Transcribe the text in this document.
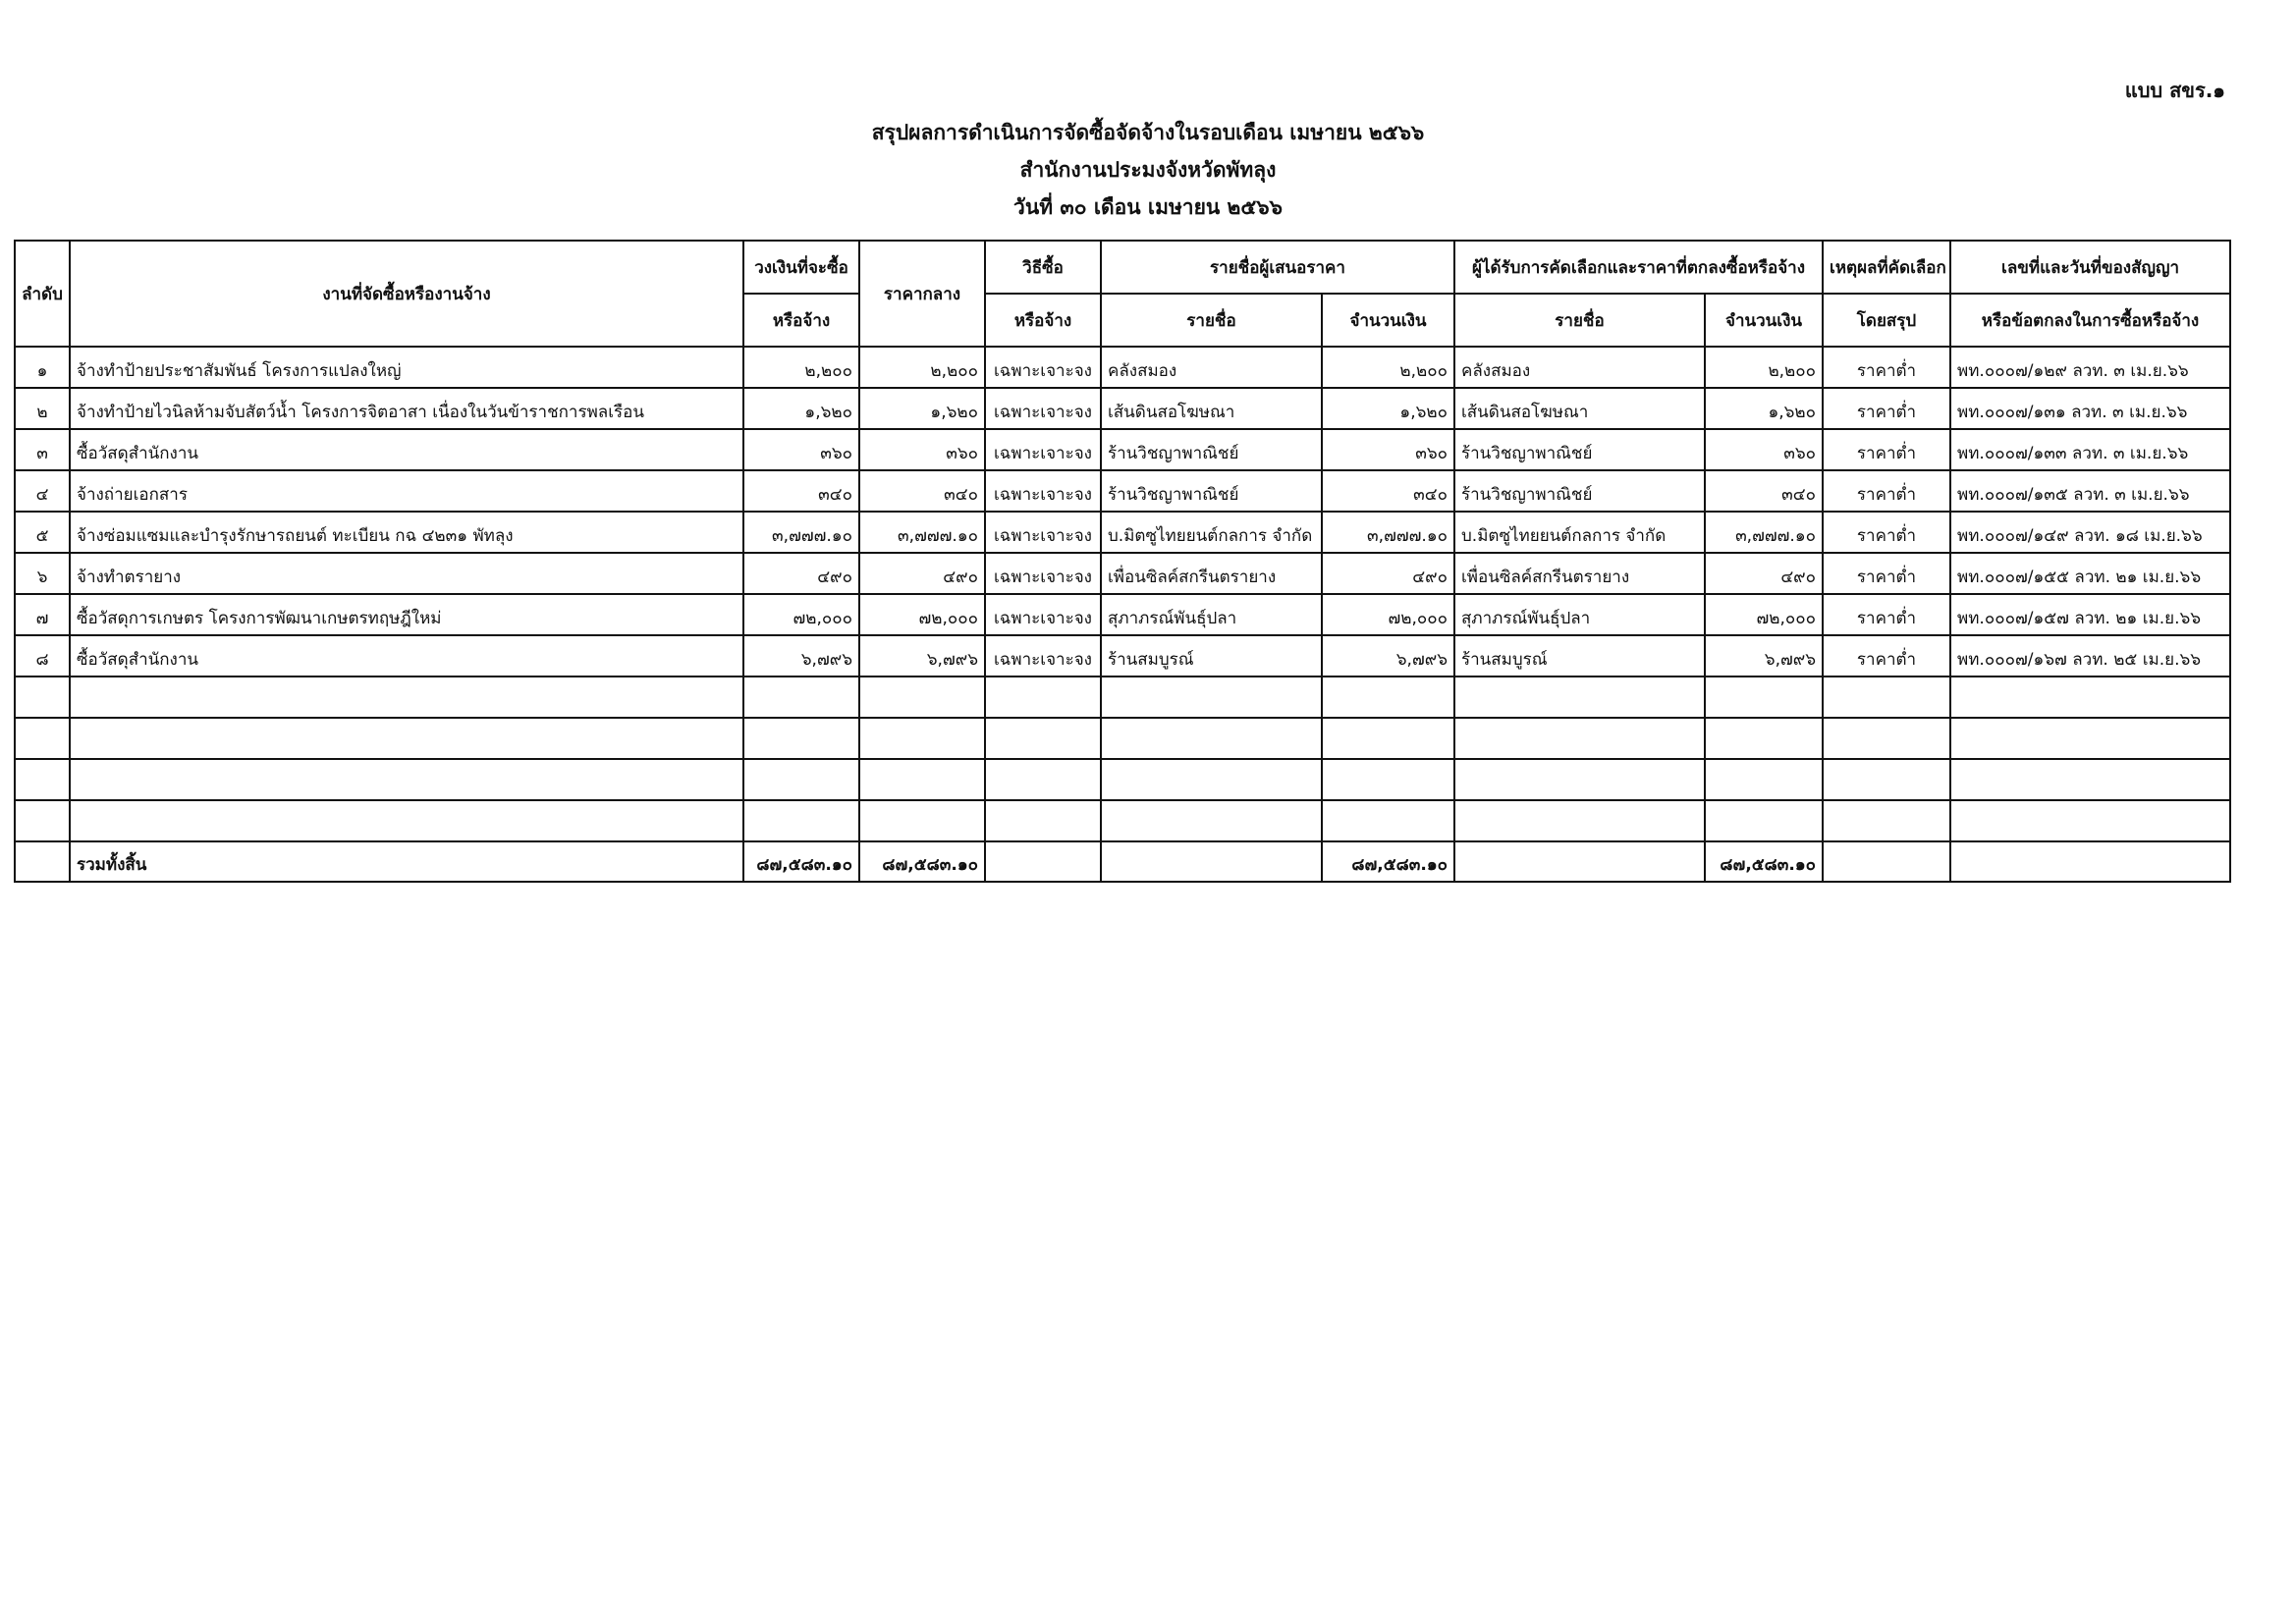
แบบ สขร.๑
สรุปผลการดำเนินการจัดซื้อจัดจ้างในรอบเดือน เมษายน ๒๕๖๖
สำนักงานประมงจังหวัดพัทลุง
วันที่ ๓๐ เดือน เมษายน ๒๕๖๖
ลำดับ	งานที่จัดซื้อหรืองานจ้าง	วงเงินที่จะซื้อ	ราคากลาง	วิธีซื้อ	รายชื่อผู้เสนอราคา		ผู้ได้รับการคัดเลือกและราคาที่ตกลงซื้อหรือจ้าง		เหตุผลที่คัดเลือก	เลขที่และวันที่ของสัญญา
		หรือจ้าง		หรือจ้าง	รายชื่อ	จำนวนเงิน	รายชื่อ	จำนวนเงิน	โดยสรุป	หรือข้อตกลงในการซื้อหรือจ้าง
๑	จ้างทำป้ายประชาสัมพันธ์ โครงการแปลงใหญ่	๒,๒๐๐	๒,๒๐๐	เฉพาะเจาะจง	คลังสมอง	๒,๒๐๐	คลังสมอง	๒,๒๐๐	ราคาต่ำ	พท.๐๐๐๗/๑๒๙ ลวท. ๓ เม.ย.๖๖
๒	จ้างทำป้ายไวนิลห้ามจับสัตว์น้ำ โครงการจิตอาสา เนื่องในวันข้าราชการพลเรือน	๑,๖๒๐	๑,๖๒๐	เฉพาะเจาะจง	เส้นดินสอโฆษณา	๑,๖๒๐	เส้นดินสอโฆษณา	๑,๖๒๐	ราคาต่ำ	พท.๐๐๐๗/๑๓๑ ลวท. ๓ เม.ย.๖๖
๓	ซื้อวัสดุสำนักงาน	๓๖๐	๓๖๐	เฉพาะเจาะจง	ร้านวิชญาพาณิชย์	๓๖๐	ร้านวิชญาพาณิชย์	๓๖๐	ราคาต่ำ	พท.๐๐๐๗/๑๓๓ ลวท. ๓ เม.ย.๖๖
๔	จ้างถ่ายเอกสาร	๓๔๐	๓๔๐	เฉพาะเจาะจง	ร้านวิชญาพาณิชย์	๓๔๐	ร้านวิชญาพาณิชย์	๓๔๐	ราคาต่ำ	พท.๐๐๐๗/๑๓๕ ลวท. ๓ เม.ย.๖๖
๕	จ้างซ่อมแซมและบำรุงรักษารถยนต์ ทะเบียน กฉ ๔๒๓๑ พัทลุง	๓,๗๗๗.๑๐	๓,๗๗๗.๑๐	เฉพาะเจาะจง	บ.มิตซูไทยยนต์กลการ จำกัด	๓,๗๗๗.๑๐	บ.มิตซูไทยยนต์กลการ จำกัด	๓,๗๗๗.๑๐	ราคาต่ำ	พท.๐๐๐๗/๑๔๙ ลวท. ๑๘ เม.ย.๖๖
๖	จ้างทำตรายาง	๔๙๐	๔๙๐	เฉพาะเจาะจง	เพื่อนซิลค์สกรีนตรายาง	๔๙๐	เพื่อนซิลค์สกรีนตรายาง	๔๙๐	ราคาต่ำ	พท.๐๐๐๗/๑๕๕ ลวท. ๒๑ เม.ย.๖๖
๗	ซื้อวัสดุการเกษตร โครงการพัฒนาเกษตรทฤษฎีใหม่	๗๒,๐๐๐	๗๒,๐๐๐	เฉพาะเจาะจง	สุภาภรณ์พันธุ์ปลา	๗๒,๐๐๐	สุภาภรณ์พันธุ์ปลา	๗๒,๐๐๐	ราคาต่ำ	พท.๐๐๐๗/๑๕๗ ลวท. ๒๑ เม.ย.๖๖
๘	ซื้อวัสดุสำนักงาน	๖,๗๙๖	๖,๗๙๖	เฉพาะเจาะจง	ร้านสมบูรณ์	๖,๗๙๖	ร้านสมบูรณ์	๖,๗๙๖	ราคาต่ำ	พท.๐๐๐๗/๑๖๗ ลวท. ๒๕ เม.ย.๖๖

	รวมทั้งสิ้น	๘๗,๕๘๓.๑๐	๘๗,๕๘๓.๑๐			๘๗,๕๘๓.๑๐		๘๗,๕๘๓.๑๐		
